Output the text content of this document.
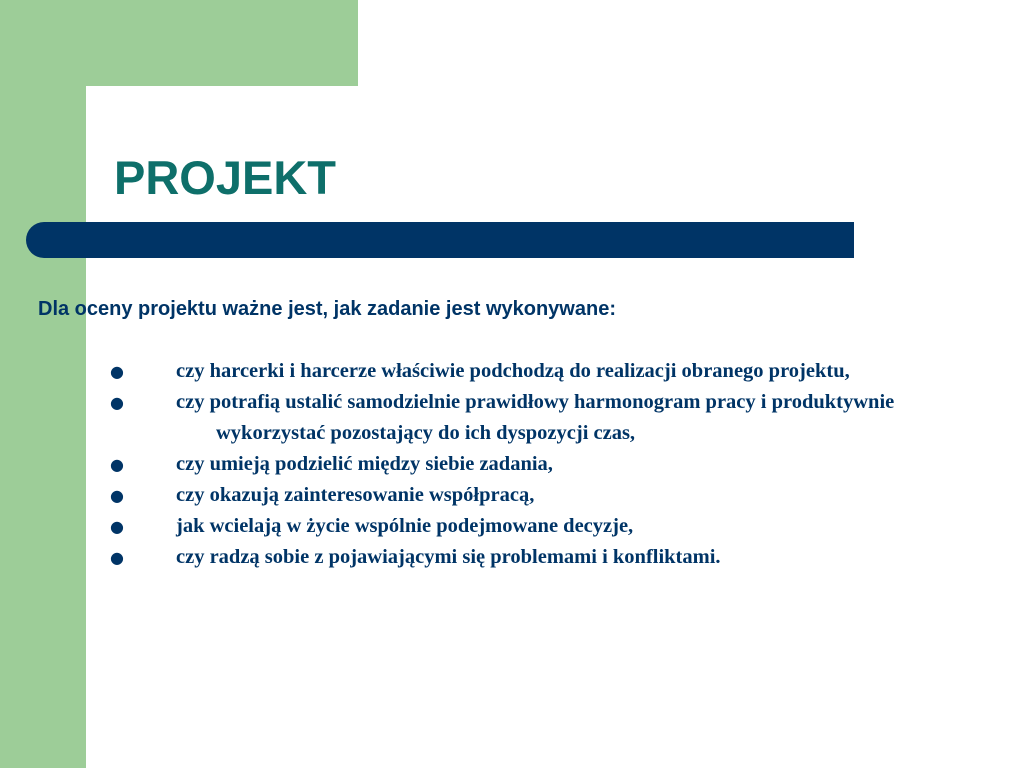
PROJEKT

Dla oceny projektu ważne jest, jak zadanie jest wykonywane:

●	czy harcerki i harcerze właściwie podchodzą do realizacji obranego projektu,
●	czy potrafią ustalić samodzielnie prawidłowy harmonogram pracy i produktywnie wykorzystać pozostający do ich dyspozycji czas,
●	czy umieją podzielić między siebie zadania,
●	czy okazują zainteresowanie współpracą,
●	jak wcielają w życie wspólnie podejmowane decyzje,
●	czy radzą sobie z pojawiającymi się problemami i konfliktami.
